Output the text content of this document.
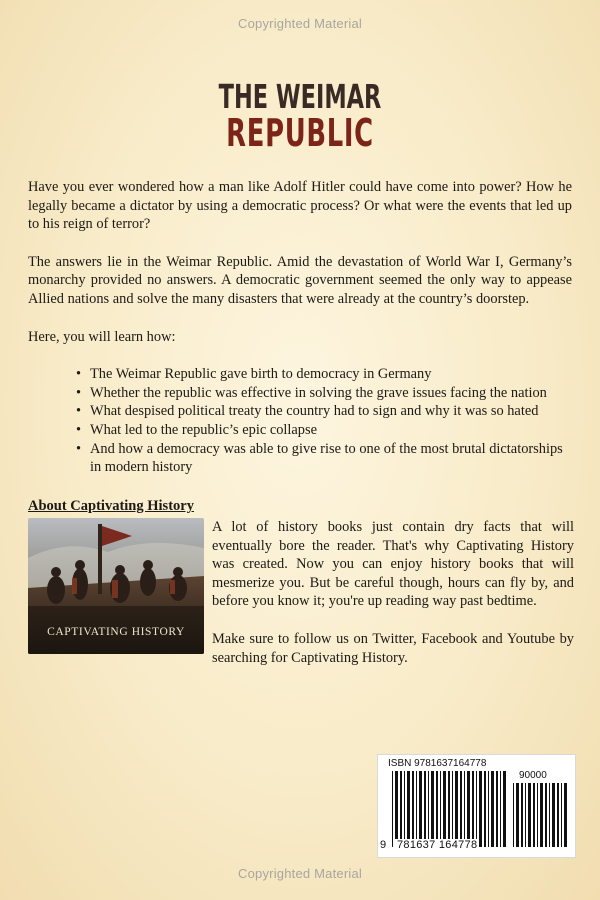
Copyrighted Material
THE WEIMAR
REPUBLIC

Have you ever wondered how a man like Adolf Hitler could have come into power? How he legally became a dictator by using a democratic process? Or what were the events that led up to his reign of terror?

The answers lie in the Weimar Republic. Amid the devastation of World War I, Germany’s monarchy provided no answers. A democratic government seemed the only way to appease Allied nations and solve the many disasters that were already at the country’s doorstep.

Here, you will learn how:

• The Weimar Republic gave birth to democracy in Germany
• Whether the republic was effective in solving the grave issues facing the nation
• What despised political treaty the country had to sign and why it was so hated
• What led to the republic’s epic collapse
• And how a democracy was able to give rise to one of the most brutal dictatorships in modern history
About Captivating History
CAPTIVATING HISTORY

A lot of history books just contain dry facts that will eventually bore the reader. That's why Captivating History was created. Now you can enjoy history books that will mesmerize you. But be careful though, hours can fly by, and before you know it; you're up reading way past bedtime.

Make sure to follow us on Twitter, Facebook and Youtube by searching for Captivating History.

ISBN 9781637164778
90000
9 781637 164778
Copyrighted Material
